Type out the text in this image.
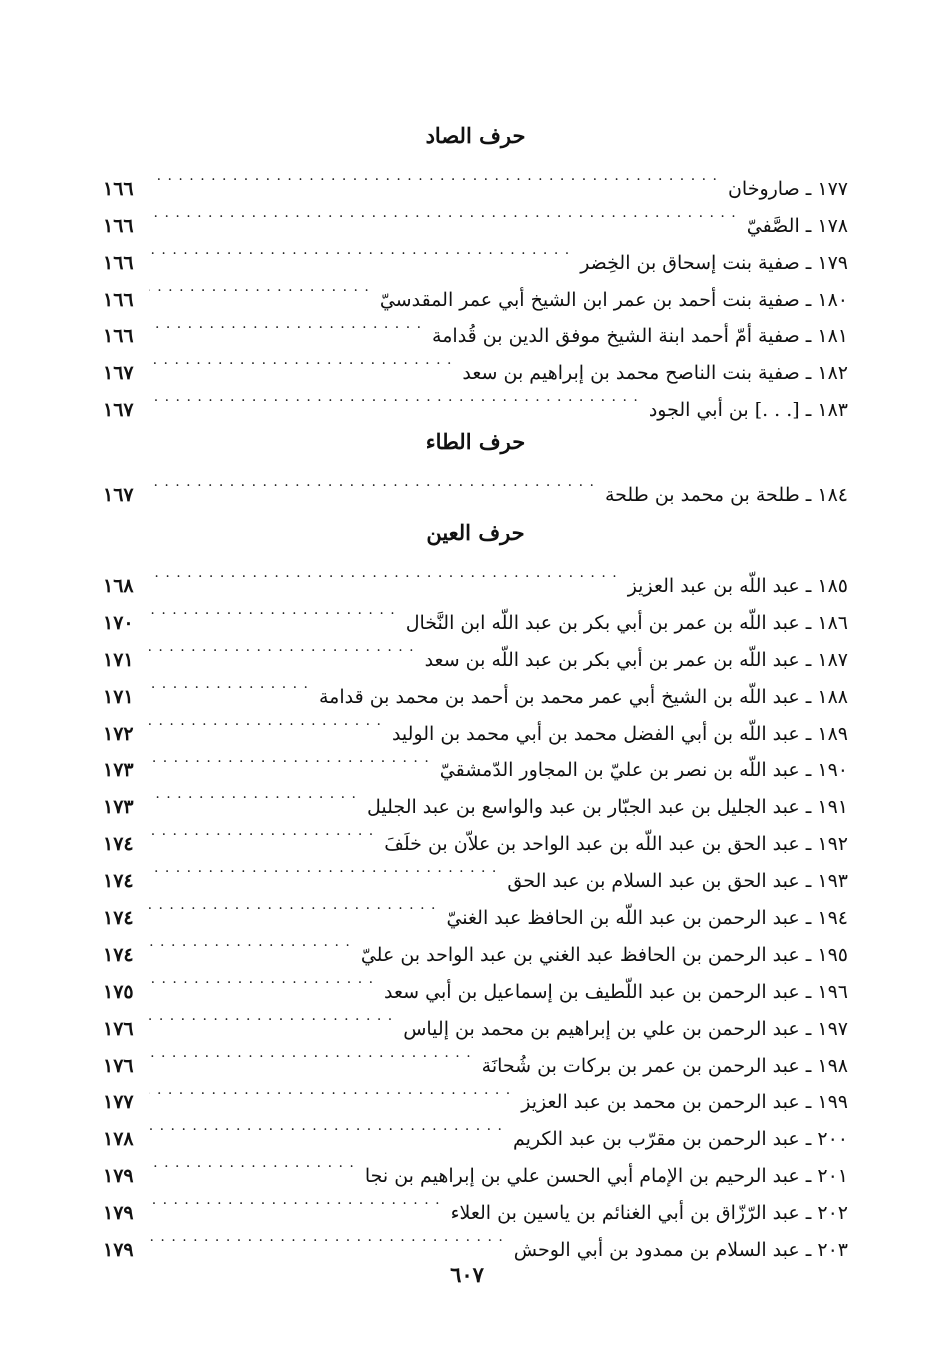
حرف الصاد
١٧٧ ـ صاروخان
. . .
١٦٦
١٧٨ ـ الصَّفيّ
. . .
١٦٦
١٧٩ ـ صفية بنت إسحاق بن الخِضر
. . .
١٦٦
١٨٠ ـ صفية بنت أحمد بن عمر ابن الشيخ أبي عمر المقدسيّ
. . .
١٦٦
١٨١ ـ صفية أمّ أحمد ابنة الشيخ موفق الدين بن قُدامة
. . .
١٦٦
١٨٢ ـ صفية بنت الناصح محمد بن إبراهيم بن سعد
. . .
١٦٧
١٨٣ ـ [. . .] بن أبي الجود
. . .
١٦٧
حرف الطاء
١٨٤ ـ طلحة بن محمد بن طلحة
. . .
١٦٧
حرف العين
١٨٥ ـ عبد اللّه بن عبد العزيز
. . .
١٦٨
١٨٦ ـ عبد اللّه بن عمر بن أبي بكر بن عبد اللّه ابن النَّخال
. . .
١٧٠
١٨٧ ـ عبد اللّه بن عمر بن أبي بكر بن عبد اللّه بن سعد
. . .
١٧١
١٨٨ ـ عبد اللّه بن الشيخ أبي عمر محمد بن أحمد بن محمد بن قدامة
. . .
١٧١
١٨٩ ـ عبد اللّه بن أبي الفضل محمد بن أبي محمد بن الوليد
. . .
١٧٢
١٩٠ ـ عبد اللّه بن نصر بن عليّ بن المجاور الدّمشقيّ
. . .
١٧٣
١٩١ ـ عبد الجليل بن عبد الجبّار بن عبد والواسع بن عبد الجليل
. . .
١٧٣
١٩٢ ـ عبد الحق بن عبد اللّه بن عبد الواحد بن علاّن بن خلَفَ
. . .
١٧٤
١٩٣ ـ عبد الحق بن عبد السلام بن عبد الحق
. . .
١٧٤
١٩٤ ـ عبد الرحمن بن عبد اللّه بن الحافظ عبد الغنيّ
. . .
١٧٤
١٩٥ ـ عبد الرحمن بن الحافظ عبد الغني بن عبد الواحد بن عليّ
. . .
١٧٤
١٩٦ ـ عبد الرحمن بن عبد اللّطيف بن إسماعيل بن أبي سعد
. . .
١٧٥
١٩٧ ـ عبد الرحمن بن علي بن إبراهيم بن محمد بن إلياس
. . .
١٧٦
١٩٨ ـ عبد الرحمن بن عمر بن بركات بن شُحانَة
. . .
١٧٦
١٩٩ ـ عبد الرحمن بن محمد بن عبد العزيز
. . .
١٧٧
٢٠٠ ـ عبد الرحمن بن مقرّب بن عبد الكريم
. . .
١٧٨
٢٠١ ـ عبد الرحيم بن الإمام أبي الحسن علي بن إبراهيم بن نجا
. . .
١٧٩
٢٠٢ ـ عبد الرّزّاق بن أبي الغنائم بن ياسين بن العلاء
. . .
١٧٩
٢٠٣ ـ عبد السلام بن ممدود بن أبي الوحش
. . .
١٧٩
٦٠٧
